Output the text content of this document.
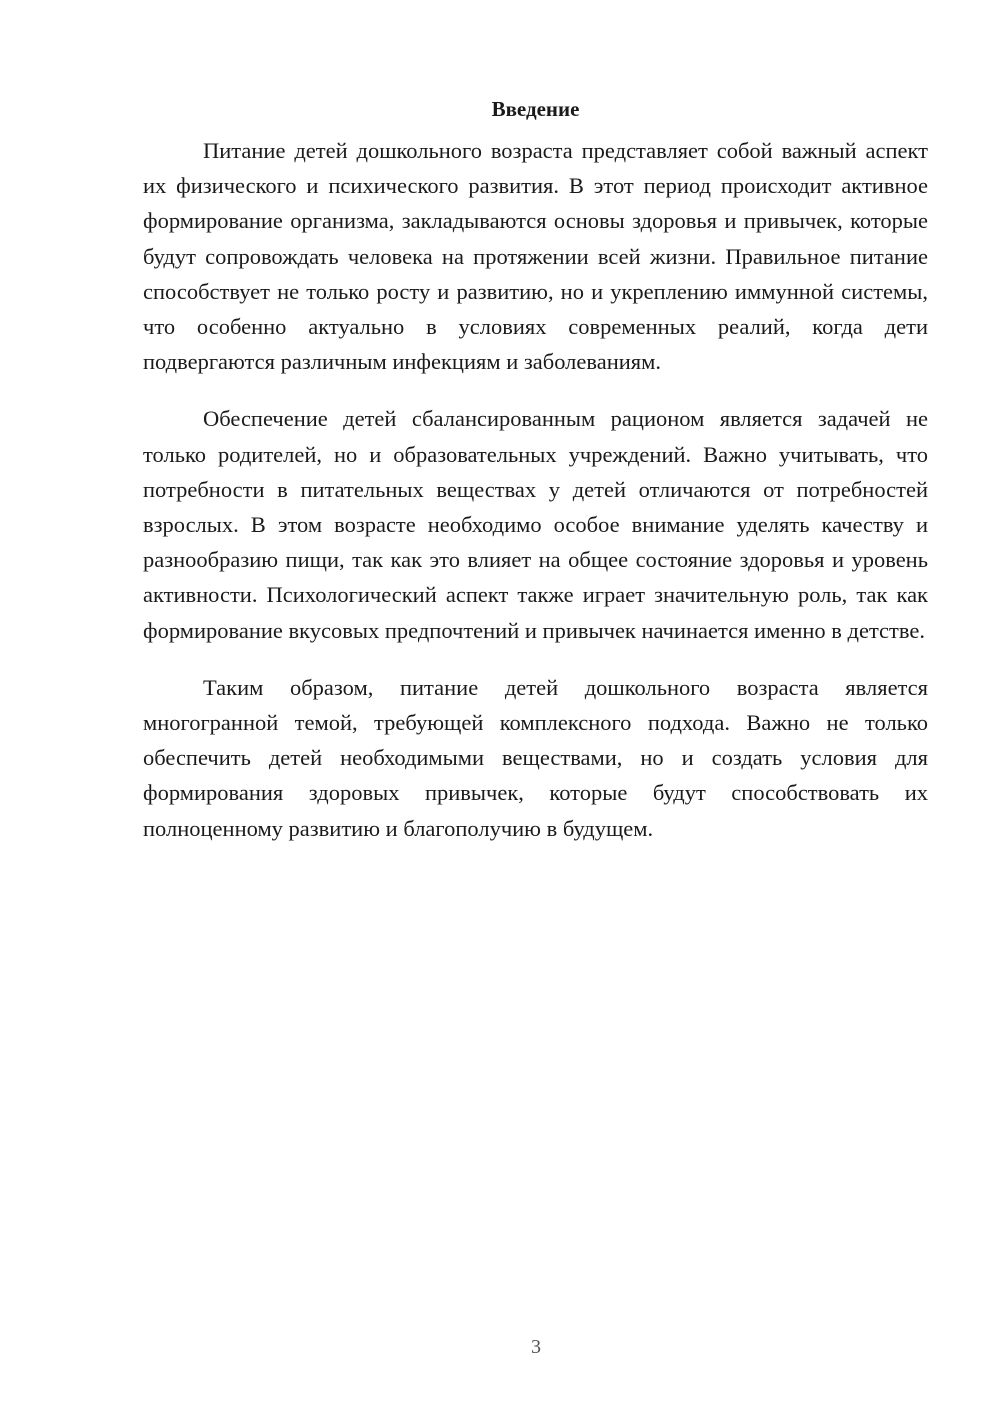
Введение

Питание детей дошкольного возраста представляет собой важный аспект их физического и психического развития. В этот период происходит активное формирование организма, закладываются основы здоровья и привычек, которые будут сопровождать человека на протяжении всей жизни. Правильное питание способствует не только росту и развитию, но и укреплению иммунной системы, что особенно актуально в условиях современных реалий, когда дети подвергаются различным инфекциям и заболеваниям.

Обеспечение детей сбалансированным рационом является задачей не только родителей, но и образовательных учреждений. Важно учитывать, что потребности в питательных веществах у детей отличаются от потребностей взрослых. В этом возрасте необходимо особое внимание уделять качеству и разнообразию пищи, так как это влияет на общее состояние здоровья и уровень активности. Психологический аспект также играет значительную роль, так как формирование вкусовых предпочтений и привычек начинается именно в детстве.

Таким образом, питание детей дошкольного возраста является многогранной темой, требующей комплексного подхода. Важно не только обеспечить детей необходимыми веществами, но и создать условия для формирования здоровых привычек, которые будут способствовать их полноценному развитию и благополучию в будущем.

3
